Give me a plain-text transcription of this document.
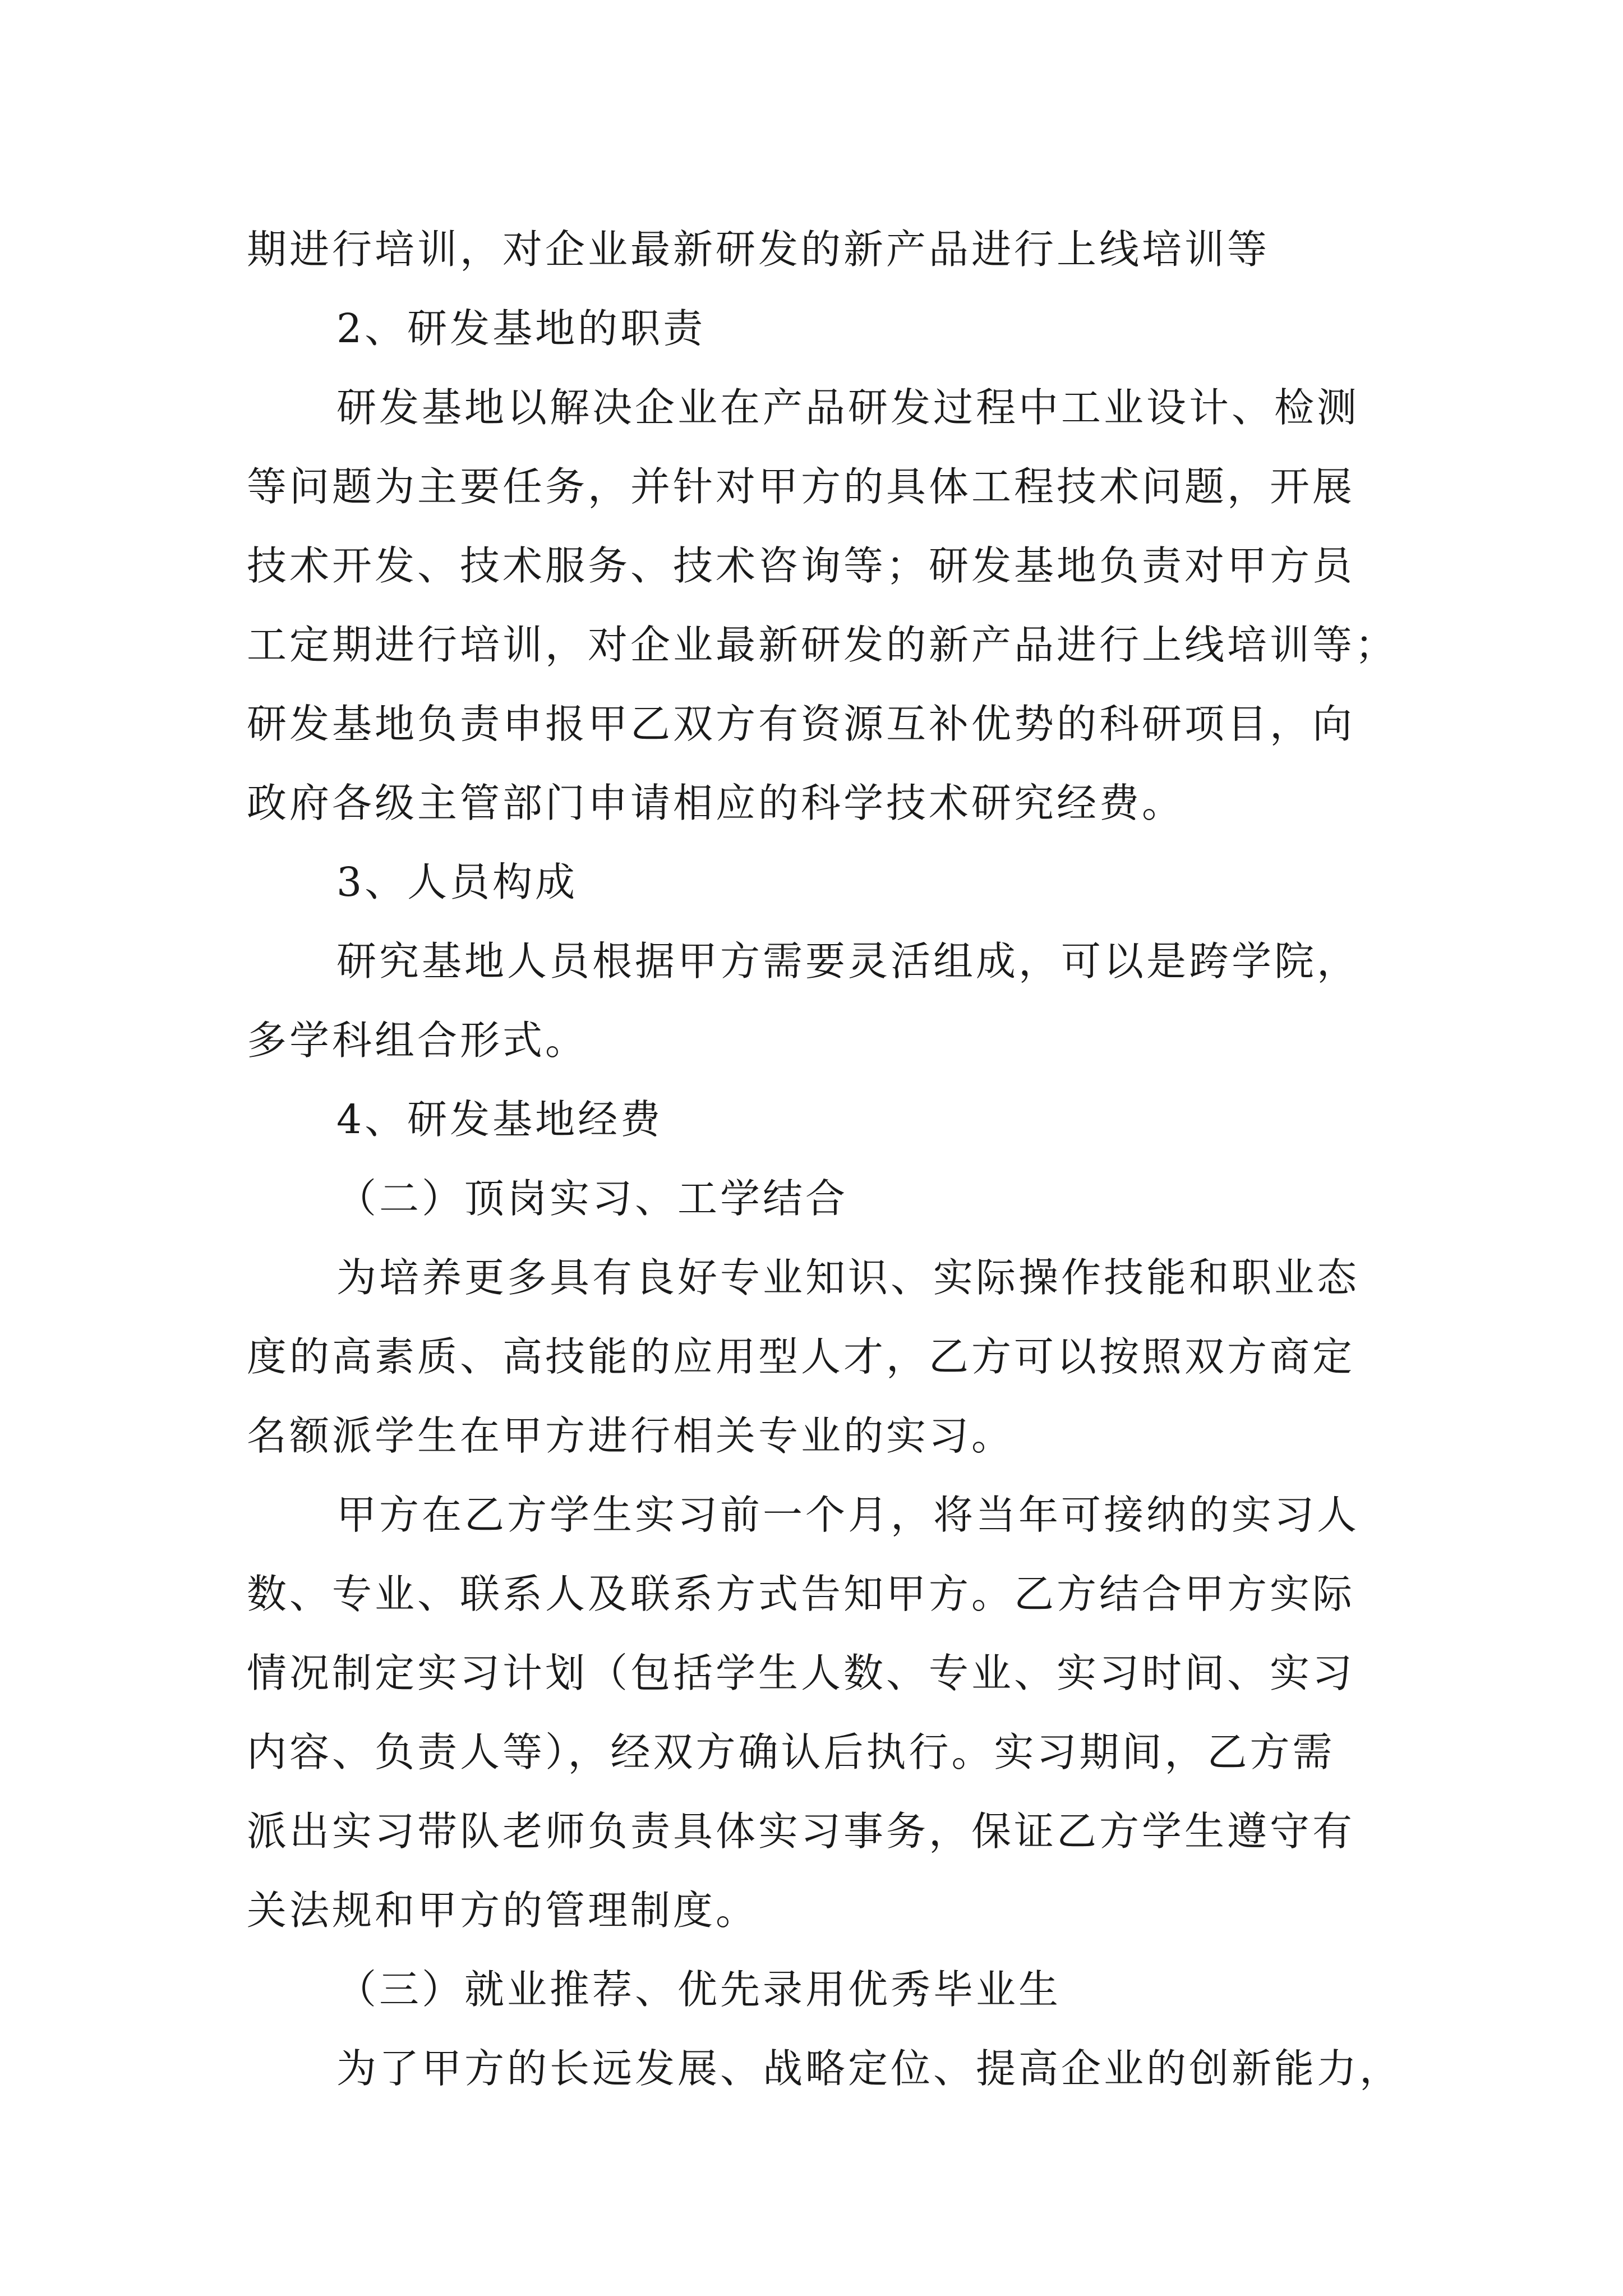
期进行培训，对企业最新研发的新产品进行上线培训等

2、研发基地的职责

研发基地以解决企业在产品研发过程中工业设计、检测

等问题为主要任务，并针对甲方的具体工程技术问题，开展

技术开发、技术服务、技术咨询等；研发基地负责对甲方员

工定期进行培训，对企业最新研发的新产品进行上线培训等；

研发基地负责申报甲乙双方有资源互补优势的科研项目，向

政府各级主管部门申请相应的科学技术研究经费。

3、人员构成

研究基地人员根据甲方需要灵活组成，可以是跨学院，

多学科组合形式。

4、研发基地经费

（二）顶岗实习、工学结合

为培养更多具有良好专业知识、实际操作技能和职业态

度的高素质、高技能的应用型人才，乙方可以按照双方商定

名额派学生在甲方进行相关专业的实习。

甲方在乙方学生实习前一个月，将当年可接纳的实习人

数、专业、联系人及联系方式告知甲方。乙方结合甲方实际

情况制定实习计划（包括学生人数、专业、实习时间、实习

内容、负责人等），经双方确认后执行。实习期间，乙方需

派出实习带队老师负责具体实习事务，保证乙方学生遵守有

关法规和甲方的管理制度。

（三）就业推荐、优先录用优秀毕业生

为了甲方的长远发展、战略定位、提高企业的创新能力，
